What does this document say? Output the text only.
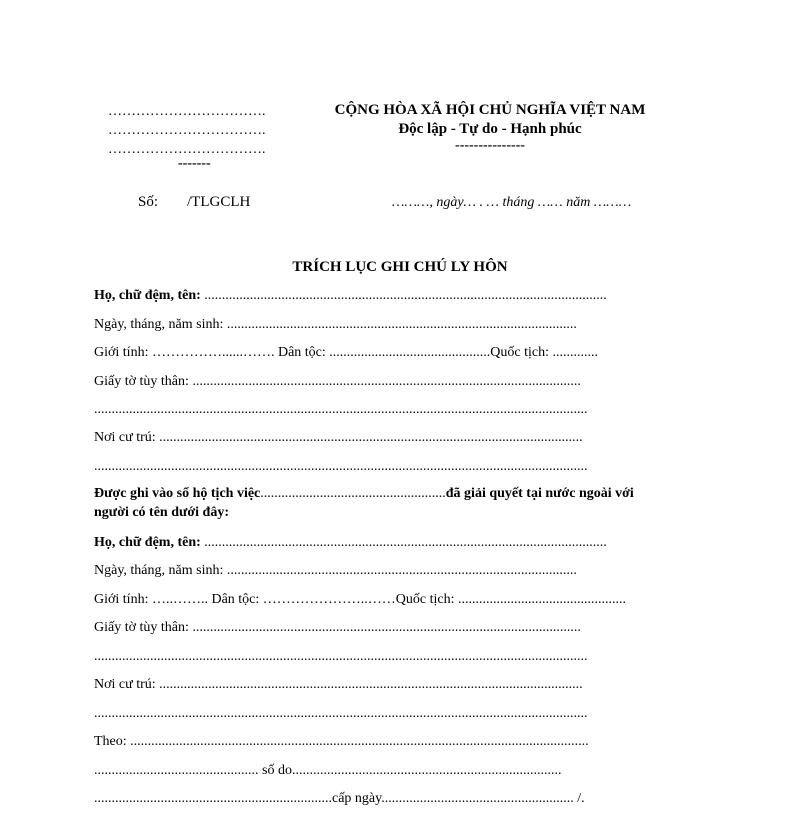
…………………………….
…………………………….
…………………………….
-------
CỘNG HÒA XÃ HỘI CHỦ NGHĨA VIỆT NAM
Độc lập - Tự do - Hạnh phúc
---------------
Số: /TLGCLH	………, ngày… . … tháng …… năm ………
TRÍCH LỤC GHI CHÚ LY HÔN
Họ, chữ đệm, tên: ...................................................................................................................
Ngày, tháng, năm sinh: ....................................................................................................
Giới tính: ……………......……. Dân tộc: ..............................................Quốc tịch: .............
Giấy tờ tùy thân: ...............................................................................................................
.............................................................................................................................................
Nơi cư trú: .........................................................................................................................
.............................................................................................................................................
Được ghi vào sổ hộ tịch việc.....................................................đã giải quyết tại nước ngoài với
người có tên dưới đây:
Họ, chữ đệm, tên: ...................................................................................................................
Ngày, tháng, năm sinh: ....................................................................................................
Giới tính: …..…….. Dân tộc: …………………..……Quốc tịch: ................................................
Giấy tờ tùy thân: ...............................................................................................................
.............................................................................................................................................
Nơi cư trú: .........................................................................................................................
.............................................................................................................................................
Theo: ...................................................................................................................................
............................................... số do.............................................................................
....................................................................cấp ngày....................................................... /.
